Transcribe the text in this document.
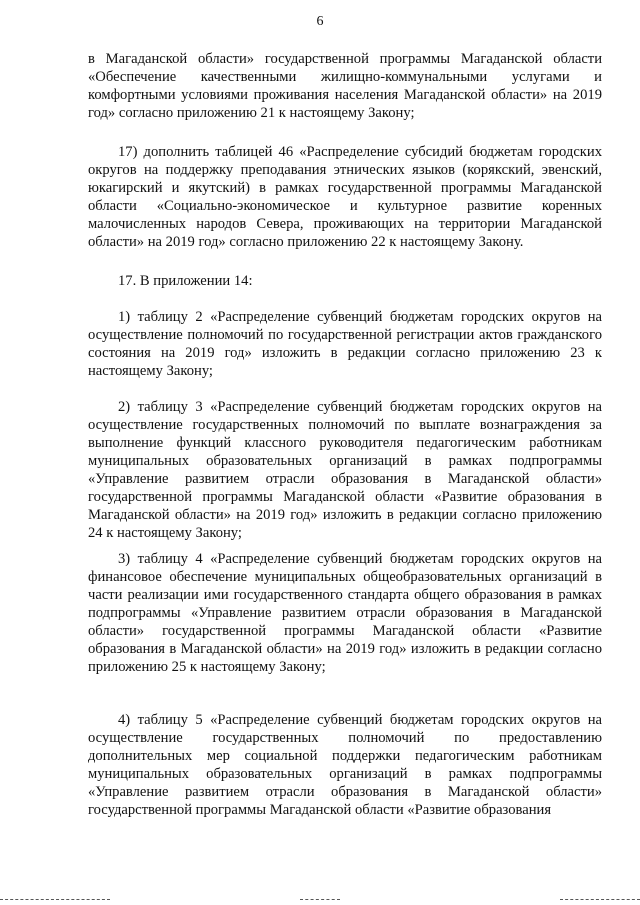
6

в Магаданской области» государственной программы Магаданской области «Обеспечение качественными жилищно-коммунальными услугами и комфортными условиями проживания населения Магаданской области» на 2019 год» согласно приложению 21 к настоящему Закону;

17) дополнить таблицей 46 «Распределение субсидий бюджетам городских округов на поддержку преподавания этнических языков (корякский, эвенский, юкагирский и якутский) в рамках государственной программы Магаданской области «Социально-экономическое и культурное развитие коренных малочисленных народов Севера, проживающих на территории Магаданской области» на 2019 год» согласно приложению 22 к настоящему Закону.

17. В приложении 14:

1) таблицу 2 «Распределение субвенций бюджетам городских округов на осуществление полномочий по государственной регистрации актов гражданского состояния на 2019 год» изложить в редакции согласно приложению 23 к настоящему Закону;

2) таблицу 3 «Распределение субвенций бюджетам городских округов на осуществление государственных полномочий по выплате вознаграждения за выполнение функций классного руководителя педагогическим работникам муниципальных образовательных организаций в рамках подпрограммы «Управление развитием отрасли образования в Магаданской области» государственной программы Магаданской области «Развитие образования в Магаданской области» на 2019 год» изложить в редакции согласно приложению 24 к настоящему Закону;

3) таблицу 4 «Распределение субвенций бюджетам городских округов на финансовое обеспечение муниципальных общеобразовательных организаций в части реализации ими государственного стандарта общего образования в рамках подпрограммы «Управление развитием отрасли образования в Магаданской области» государственной программы Магаданской области «Развитие образования в Магаданской области» на 2019 год» изложить в редакции согласно приложению 25 к настоящему Закону;

4) таблицу 5 «Распределение субвенций бюджетам городских округов на осуществление государственных полномочий по предоставлению дополнительных мер социальной поддержки педагогическим работникам муниципальных образовательных организаций в рамках подпрограммы «Управление развитием отрасли образования в Магаданской области» государственной программы Магаданской области «Развитие образования
